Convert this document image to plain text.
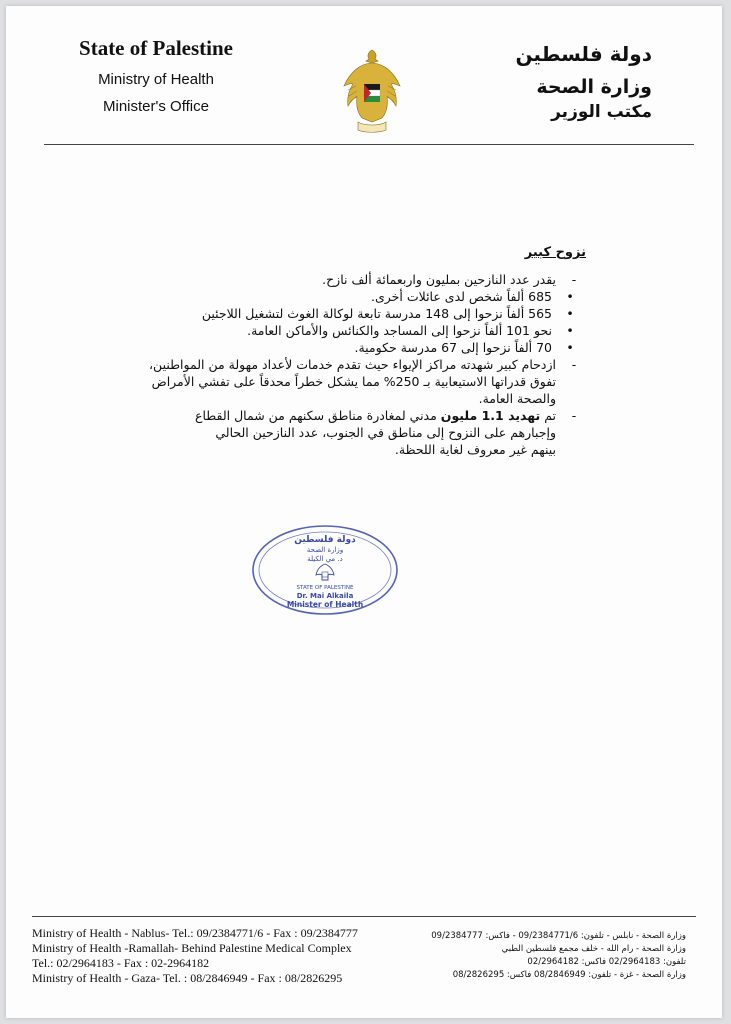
State of Palestine
Ministry of Health
Minister's Office
دولة فلسطين
وزارة الصحة
مكتب الوزير
نزوح كبير
-
يقدر عدد النازحين بمليون واربعمائة ألف نازح.
•
685 ألفاً شخص لدى عائلات أخرى.
•
565 ألفاً نزحوا إلى 148 مدرسة تابعة لوكالة الغوث لتشغيل اللاجئين
•
نحو 101 ألفاً نزحوا إلى المساجد والكنائس والأماكن العامة.
•
70 ألفاً نزحوا إلى 67 مدرسة حكومية.
-
ازدحام كبير شهدته مراكز الإيواء حيث تقدم خدمات لأعداد مهولة من المواطنين، تفوق قدراتها الاستيعابية بـ 250% مما يشكل خطراً محدقاً على تفشي الأمراض والصحة العامة.
-
تم تهديد 1.1 مليون مدني لمغادرة مناطق سكنهم من شمال القطاع
وإجبارهم على النزوح إلى مناطق في الجنوب، عدد النازحين الحالي
بينهم غير معروف لغاية اللحظة.
دولة فلسطين
وزارة الصحة
د. مي الكيلة
STATE OF PALESTINE
Dr. Mai Alkaila
Minister of Health
Ministry of Health - Nablus- Tel.: 09/2384771/6 - Fax : 09/2384777
Ministry of Health -Ramallah- Behind Palestine Medical Complex
Tel.: 02/2964183 - Fax : 02-2964182
Ministry of Health - Gaza- Tel. : 08/2846949 - Fax : 08/2826295
وزارة الصحة - نابلس - تلفون: 09/2384771/6 - فاكس: 09/2384777
وزارة الصحة - رام الله - خلف مجمع فلسطين الطبي
تلفون: 02/2964183 فاكس: 02/2964182
وزارة الصحة - غزة - تلفون: 08/2846949 فاكس: 08/2826295
